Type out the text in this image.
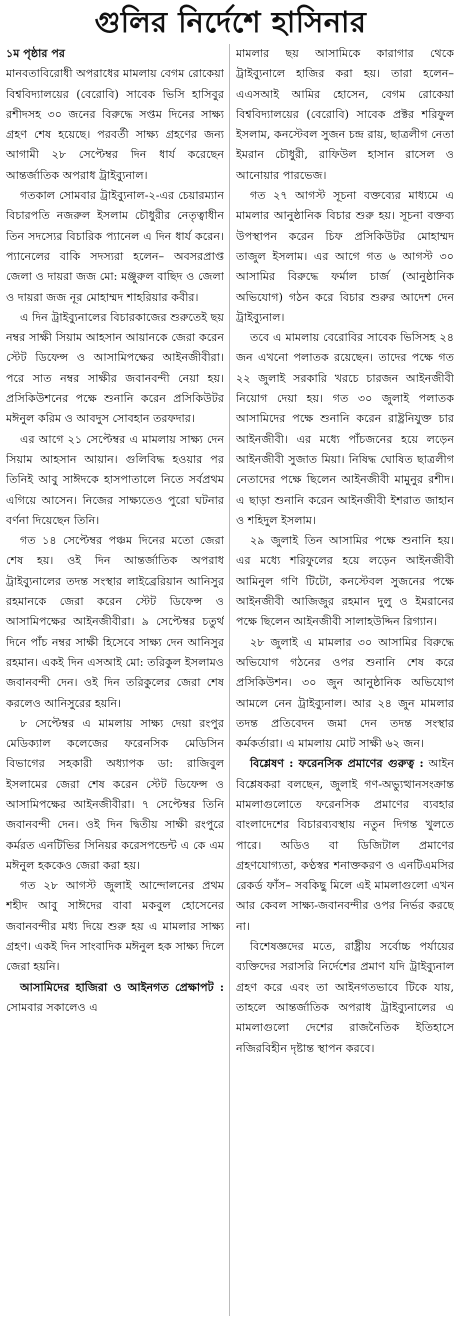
গুলির নির্দেশে হাসিনার

১ম পৃষ্ঠার পর

মানবতাবিরোধী অপরাধের মামলায় বেগম রোকেয়া বিশ্ববিদ্যালয়ের (বেরোবি) সাবেক ভিসি হাসিবুর রশীদসহ ৩০ জনের বিরুদ্ধে সপ্তম দিনের সাক্ষ্য গ্রহণ শেষ হয়েছে। পরবর্তী সাক্ষ্য গ্রহণের জন্য আগামী ২৮ সেপ্টেম্বর দিন ধার্য করেছেন আন্তর্জাতিক অপরাধ ট্রাইব্যুনাল।

গতকাল সোমবার ট্রাইব্যুনাল-২-এর চেয়ারম্যান বিচারপতি নজরুল ইসলাম চৌধুরীর নেতৃত্বাধীন তিন সদস্যের বিচারিক প্যানেল এ দিন ধার্য করেন। প্যানেলের বাকি সদস্যরা হলেন– অবসরপ্রাপ্ত জেলা ও দায়রা জজ মো: মঞ্জুরুল বাছিদ ও জেলা ও দায়রা জজ নূর মোহাম্মদ শাহরিয়ার কবীর।

এ দিন ট্রাইব্যুনালের বিচারকাজের শুরুতেই ছয় নম্বর সাক্ষী সিয়াম আহসান আয়ানকে জেরা করেন স্টেট ডিফেন্স ও আসামিপক্ষের আইনজীবীরা। পরে সাত নম্বর সাক্ষীর জবানবন্দী নেয়া হয়। প্রসিকিউশনের পক্ষে শুনানি করেন প্রসিকিউটর মঈনুল করিম ও আবদুস সোবহান তরফদার।

এর আগে ২১ সেপ্টেম্বর এ মামলায় সাক্ষ্য দেন সিয়াম আহসান আয়ান। গুলিবিদ্ধ হওয়ার পর তিনিই আবু সাঈদকে হাসপাতালে নিতে সর্বপ্রথম এগিয়ে আসেন। নিজের সাক্ষ্যতেও পুরো ঘটনার বর্ণনা দিয়েছেন তিনি।

গত ১৪ সেপ্টেম্বর পঞ্চম দিনের মতো জেরা শেষ হয়। ওই দিন আন্তর্জাতিক অপরাধ ট্রাইব্যুনালের তদন্ত সংস্থার লাইব্রেরিয়ান আনিসুর রহমানকে জেরা করেন স্টেট ডিফেন্স ও আসামিপক্ষের আইনজীবীরা। ৯ সেপ্টেম্বর চতুর্থ দিনে পাঁচ নম্বর সাক্ষী হিসেবে সাক্ষ্য দেন আনিসুর রহমান। একই দিন এসআই মো: তরিকুল ইসলামও জবানবন্দী দেন। ওই দিন তরিকুলের জেরা শেষ করলেও আনিসুরের হয়নি।

৮ সেপ্টেম্বর এ মামলায় সাক্ষ্য দেয়া রংপুর মেডিক্যাল কলেজের ফরেনসিক মেডিসিন বিভাগের সহকারী অধ্যাপক ডা: রাজিবুল ইসলামের জেরা শেষ করেন স্টেট ডিফেন্স ও আসামিপক্ষের আইনজীবীরা। ৭ সেপ্টেম্বর তিনি জবানবন্দী দেন। ওই দিন দ্বিতীয় সাক্ষী রংপুরে কর্মরত এনটিভির সিনিয়র করেসপন্ডেন্ট এ কে এম মঈনুল হককেও জেরা করা হয়।

গত ২৮ আগস্ট জুলাই আন্দোলনের প্রথম শহীদ আবু সাঈদের বাবা মকবুল হোসেনের জবানবন্দীর মধ্য দিয়ে শুরু হয় এ মামলার সাক্ষ্য গ্রহণ। একই দিন সাংবাদিক মঈনুল হক সাক্ষ্য দিলে জেরা হয়নি।

আসামিদের হাজিরা ও আইনগত প্রেক্ষাপট : সোমবার সকালেও এ

মামলার ছয় আসামিকে কারাগার থেকে ট্রাইব্যুনালে হাজির করা হয়। তারা হলেন– এএসআই আমির হোসেন, বেগম রোকেয়া বিশ্ববিদ্যালয়ের (বেরোবি) সাবেক প্রক্টর শরিফুল ইসলাম, কনস্টেবল সুজন চন্দ্র রায়, ছাত্রলীগ নেতা ইমরান চৌধুরী, রাফিউল হাসান রাসেল ও আনোয়ার পারভেজ।

গত ২৭ আগস্ট সূচনা বক্তব্যের মাধ্যমে এ মামলার আনুষ্ঠানিক বিচার শুরু হয়। সূচনা বক্তব্য উপস্থাপন করেন চিফ প্রসিকিউটর মোহাম্মদ তাজুল ইসলাম। এর আগে গত ৬ আগস্ট ৩০ আসামির বিরুদ্ধে ফর্মাল চার্জ (আনুষ্ঠানিক অভিযোগ) গঠন করে বিচার শুরুর আদেশ দেন ট্রাইব্যুনাল।

তবে এ মামলায় বেরোবির সাবেক ভিসিসহ ২৪ জন এখনো পলাতক রয়েছেন। তাদের পক্ষে গত ২২ জুলাই সরকারি খরচে চারজন আইনজীবী নিয়োগ দেয়া হয়। গত ৩০ জুলাই পলাতক আসামিদের পক্ষে শুনানি করেন রাষ্ট্রনিযুক্ত চার আইনজীবী। এর মধ্যে পাঁচজনের হয়ে লড়েন আইনজীবী সুজাত মিয়া। নিষিদ্ধ ঘোষিত ছাত্রলীগ নেতাদের পক্ষে ছিলেন আইনজীবী মামুনুর রশীদ। এ ছাড়া শুনানি করেন আইনজীবী ইশরাত জাহান ও শহিদুল ইসলাম।

২৯ জুলাই তিন আসামির পক্ষে শুনানি হয়। এর মধ্যে শরিফুলের হয়ে লড়েন আইনজীবী আমিনুল গণি টিটো, কনস্টেবল সুজনের পক্ষে আইনজীবী আজিজুর রহমান দুলু ও ইমরানের পক্ষে ছিলেন আইনজীবী সালাহউদ্দিন রিগ্যান।

২৮ জুলাই এ মামলার ৩০ আসামির বিরুদ্ধে অভিযোগ গঠনের ওপর শুনানি শেষ করে প্রসিকিউশন। ৩০ জুন আনুষ্ঠানিক অভিযোগ আমলে নেন ট্রাইব্যুনাল। আর ২৪ জুন মামলার তদন্ত প্রতিবেদন জমা দেন তদন্ত সংস্থার কর্মকর্তারা। এ মামলায় মোট সাক্ষী ৬২ জন।

বিশ্লেষণ : ফরেনসিক প্রমাণের গুরুত্ব : আইন বিশ্লেষকরা বলছেন, জুলাই গণ-অভ্যুত্থানসংক্রান্ত মামলাগুলোতে ফরেনসিক প্রমাণের ব্যবহার বাংলাদেশের বিচারব্যবস্থায় নতুন দিগন্ত খুলতে পারে। অডিও বা ডিজিটাল প্রমাণের গ্রহণযোগ্যতা, কণ্ঠস্বর শনাক্তকরণ ও এনটিএমসির রেকর্ড ফাঁস– সবকিছু মিলে এই মামলাগুলো এখন আর কেবল সাক্ষ্য-জবানবন্দীর ওপর নির্ভর করছে না।

বিশেষজ্ঞদের মতে, রাষ্ট্রীয় সর্বোচ্চ পর্যায়ের ব্যক্তিদের সরাসরি নির্দেশের প্রমাণ যদি ট্রাইব্যুনাল গ্রহণ করে এবং তা আইনগতভাবে টিকে যায়, তাহলে আন্তর্জাতিক অপরাধ ট্রাইব্যুনালের এ মামলাগুলো দেশের রাজনৈতিক ইতিহাসে নজিরবিহীন দৃষ্টান্ত স্থাপন করবে।
